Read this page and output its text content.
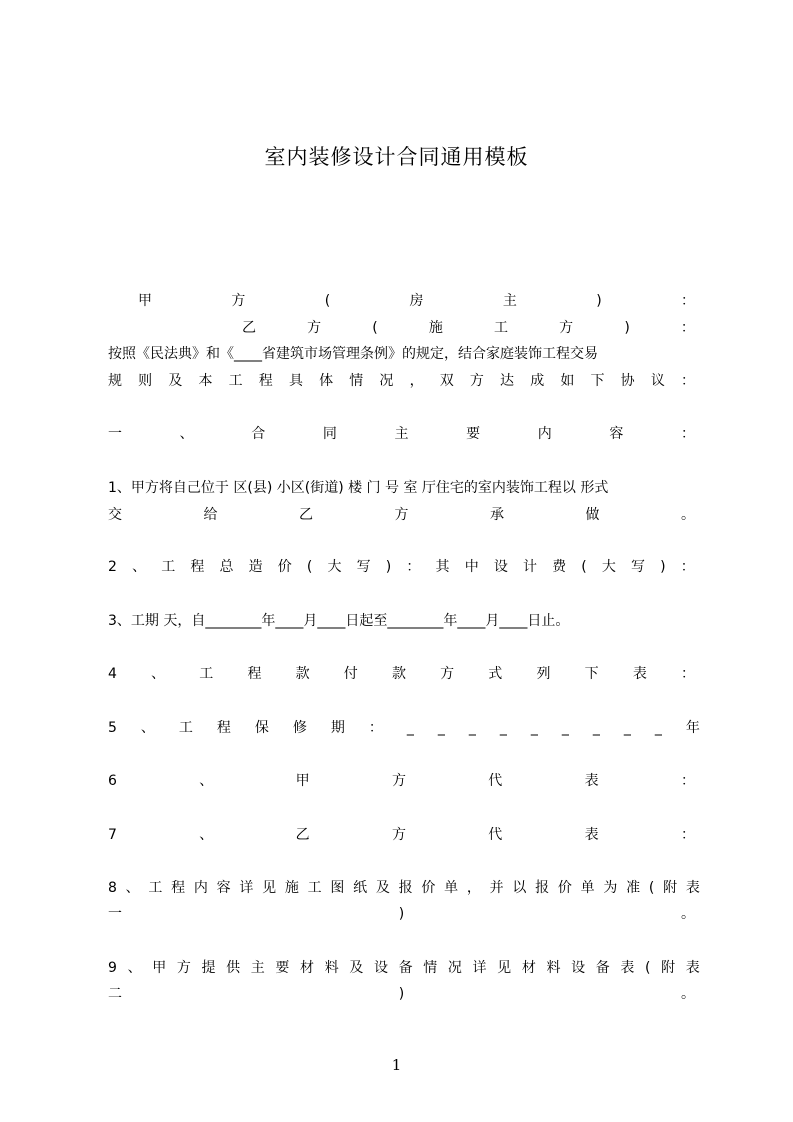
室内装修设计合同通用模板
甲	方	(	房	主	)	：
乙	方	(	施	工	方	)	：
按照《民法典》和《____省建筑市场管理条例》的规定，结合家庭装饰工程交易
规 则 及 本 工 程 具 体 情 况 ， 双 方 达 成 如 下 协 议 ：
一	、	合	同	主	要	内	容	：
1、甲方将自己位于 区(县) 小区(街道) 楼 门 号 室 厅住宅的室内装饰工程以 形式
交	给	乙	方	承	做	。
2 、 工 程 总 造 价 ( 大 写 ) ： 其 中 设 计 费 ( 大 写 ) ：
3、工期 天，自________年____月____日起至________年____月____日止。
4 、 工 程 款 付 款 方 式 列 下 表 ：
5 、 工 程 保 修 期 ： _ _ _ _ _ _ _ _ _ 年
6	、	甲	方	代	表	：
7	、	乙	方	代	表	：
8 、 工 程 内 容 详 见 施 工 图 纸 及 报 价 单 ， 并 以 报 价 单 为 准 ( 附 表
一	)	。
9 、 甲 方 提 供 主 要 材 料 及 设 备 情 况 详 见 材 料 设 备 表 ( 附 表
二	)	。
1
